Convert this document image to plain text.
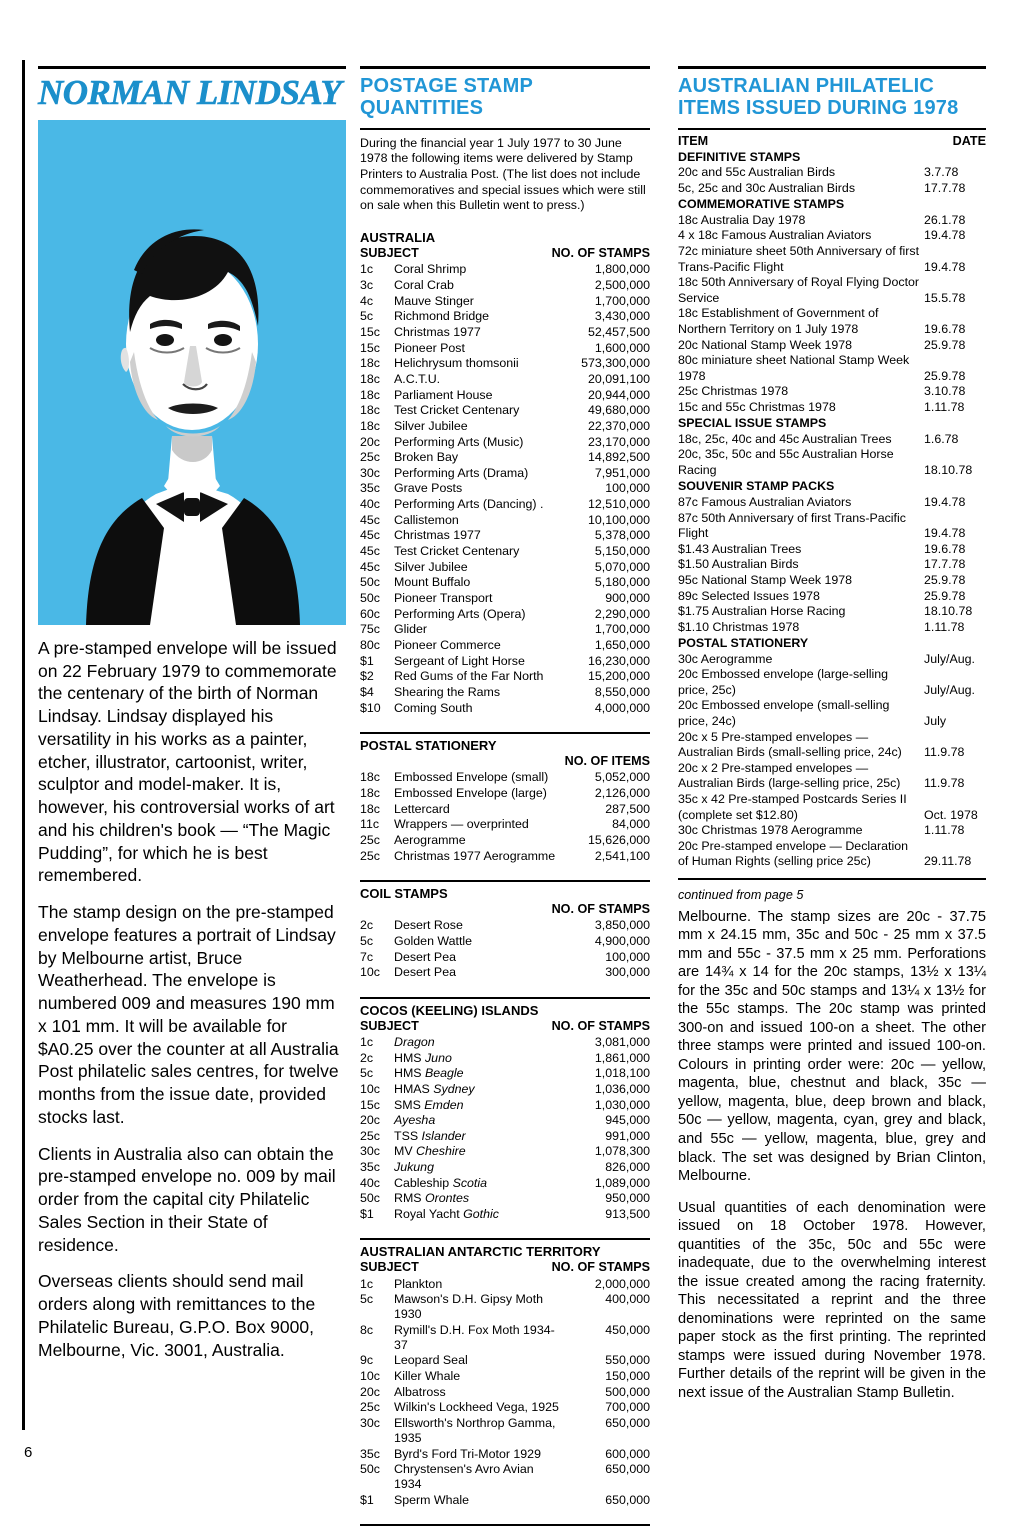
NORMAN LINDSAY

A pre-stamped envelope will be issued on 22 February 1979 to commemorate the centenary of the birth of Norman Lindsay. Lindsay displayed his versatility in his works as a painter, etcher, illustrator, cartoonist, writer, sculptor and model-maker. It is, however, his controversial works of art and his children's book — “The Magic Pudding”, for which he is best remembered.

The stamp design on the pre-stamped envelope features a portrait of Lindsay by Melbourne artist, Bruce Weatherhead. The envelope is numbered 009 and measures 190 mm x 101 mm. It will be available for $A0.25 over the counter at all Australia Post philatelic sales centres, for twelve months from the issue date, provided stocks last.

Clients in Australia also can obtain the pre-stamped envelope no. 009 by mail order from the capital city Philatelic Sales Section in their State of residence.

Overseas clients should send mail orders along with remittances to the Philatelic Bureau, G.P.O. Box 9000, Melbourne, Vic. 3001, Australia.

POSTAGE STAMP QUANTITIES
During the financial year 1 July 1977 to 30 June 1978 the following items were delivered by Stamp Printers to Australia Post. (The list does not include commemoratives and special issues which were still on sale when this Bulletin went to press.)
AUSTRALIA
SUBJECT	NO. OF STAMPS
1c	Coral Shrimp	1,800,000
3c	Coral Crab	2,500,000
4c	Mauve Stinger	1,700,000
5c	Richmond Bridge	3,430,000
15c	Christmas 1977	52,457,500
15c	Pioneer Post	1,600,000
18c	Helichrysum thomsonii	573,300,000
18c	A.C.T.U.	20,091,100
18c	Parliament House	20,944,000
18c	Test Cricket Centenary	49,680,000
18c	Silver Jubilee	22,370,000
20c	Performing Arts (Music)	23,170,000
25c	Broken Bay	14,892,500
30c	Performing Arts (Drama)	7,951,000
35c	Grave Posts	100,000
40c	Performing Arts (Dancing) .	12,510,000
45c	Callistemon	10,100,000
45c	Christmas 1977	5,378,000
45c	Test Cricket Centenary	5,150,000
45c	Silver Jubilee	5,070,000
50c	Mount Buffalo	5,180,000
50c	Pioneer Transport	900,000
60c	Performing Arts (Opera)	2,290,000
75c	Glider	1,700,000
80c	Pioneer Commerce	1,650,000
$1	Sergeant of Light Horse	16,230,000
$2	Red Gums of the Far North	15,200,000
$4	Shearing the Rams	8,550,000
$10	Coming South	4,000,000
POSTAL STATIONERY
NO. OF ITEMS
18c	Embossed Envelope (small)	5,052,000
18c	Embossed Envelope (large)	2,126,000
18c	Lettercard	287,500
11c	Wrappers — overprinted	84,000
25c	Aerogramme	15,626,000
25c	Christmas 1977 Aerogramme	2,541,100
COIL STAMPS
NO. OF STAMPS
2c	Desert Rose	3,850,000
5c	Golden Wattle	4,900,000
7c	Desert Pea	100,000
10c	Desert Pea	300,000
COCOS (KEELING) ISLANDS
SUBJECT	NO. OF STAMPS
1c	Dragon	3,081,000
2c	HMS Juno	1,861,000
5c	HMS Beagle	1,018,100
10c	HMAS Sydney	1,036,000
15c	SMS Emden	1,030,000
20c	Ayesha	945,000
25c	TSS Islander	991,000
30c	MV Cheshire	1,078,300
35c	Jukung	826,000
40c	Cableship Scotia	1,089,000
50c	RMS Orontes	950,000
$1	Royal Yacht Gothic	913,500
AUSTRALIAN ANTARCTIC TERRITORY
SUBJECT	NO. OF STAMPS
1c	Plankton	2,000,000
5c	Mawson's D.H. Gipsy Moth 1930	400,000
8c	Rymill's D.H. Fox Moth 1934-37	450,000
9c	Leopard Seal	550,000
10c	Killer Whale	150,000
20c	Albatross	500,000
25c	Wilkin's Lockheed Vega, 1925	700,000
30c	Ellsworth's Northrop Gamma, 1935	650,000
35c	Byrd's Ford Tri-Motor 1929	600,000
50c	Chrystensen's Avro Avian 1934	650,000
$1	Sperm Whale	650,000
AUSTRALIAN PHILATELIC ITEMS ISSUED DURING 1978
ITEM	DATE
DEFINITIVE STAMPS	
20c and 55c Australian Birds	3.7.78
5c, 25c and 30c Australian Birds	17.7.78
COMMEMORATIVE STAMPS	
18c Australia Day 1978	26.1.78
4 x 18c Famous Australian Aviators	19.4.78
72c miniature sheet 50th Anniversary of first	
Trans-Pacific Flight	19.4.78
18c 50th Anniversary of Royal Flying Doctor	
Service	15.5.78
18c Establishment of Government of	
Northern Territory on 1 July 1978	19.6.78
20c National Stamp Week 1978	25.9.78
80c miniature sheet National Stamp Week	
1978	25.9.78
25c Christmas 1978	3.10.78
15c and 55c Christmas 1978	1.11.78
SPECIAL ISSUE STAMPS	
18c, 25c, 40c and 45c Australian Trees	1.6.78
20c, 35c, 50c and 55c Australian Horse	
Racing	18.10.78
SOUVENIR STAMP PACKS	
87c Famous Australian Aviators	19.4.78
87c 50th Anniversary of first Trans-Pacific	
Flight	19.4.78
$1.43 Australian Trees	19.6.78
$1.50 Australian Birds	17.7.78
95c National Stamp Week 1978	25.9.78
89c Selected Issues 1978	25.9.78
$1.75 Australian Horse Racing	18.10.78
$1.10 Christmas 1978	1.11.78
POSTAL STATIONERY	
30c Aerogramme	July/Aug.
20c Embossed envelope (large-selling	
price, 25c)	July/Aug.
20c Embossed envelope (small-selling	
price, 24c)	July
20c x 5 Pre-stamped envelopes —	
Australian Birds (small-selling price, 24c)	11.9.78
20c x 2 Pre-stamped envelopes —	
Australian Birds (large-selling price, 25c)	11.9.78
35c x 42 Pre-stamped Postcards Series II	
(complete set $12.80)	Oct. 1978
30c Christmas 1978 Aerogramme	1.11.78
20c Pre-stamped envelope — Declaration	
of Human Rights (selling price 25c)	29.11.78
continued from page 5

Melbourne. The stamp sizes are 20c - 37.75 mm x 24.15 mm, 35c and 50c - 25 mm x 37.5 mm and 55c - 37.5 mm x 25 mm. Perforations are 14¾ x 14 for the 20c stamps, 13½ x 13¼ for the 35c and 50c stamps and 13¼ x 13½ for the 55c stamps. The 20c stamp was printed 300-on and issued 100-on a sheet. The other three stamps were printed and issued 100-on. Colours in printing order were: 20c — yellow, magenta, blue, chestnut and black, 35c — yellow, magenta, blue, deep brown and black, 50c — yellow, magenta, cyan, grey and black, and 55c — yellow, magenta, blue, grey and black. The set was designed by Brian Clinton, Melbourne.

Usual quantities of each denomination were issued on 18 October 1978. However, quantities of the 35c, 50c and 55c were inadequate, due to the overwhelming interest the issue created among the racing fraternity. This necessitated a reprint and the three denominations were reprinted on the same paper stock as the first printing. The reprinted stamps were issued during November 1978. Further details of the reprint will be given in the next issue of the Australian Stamp Bulletin.

6
